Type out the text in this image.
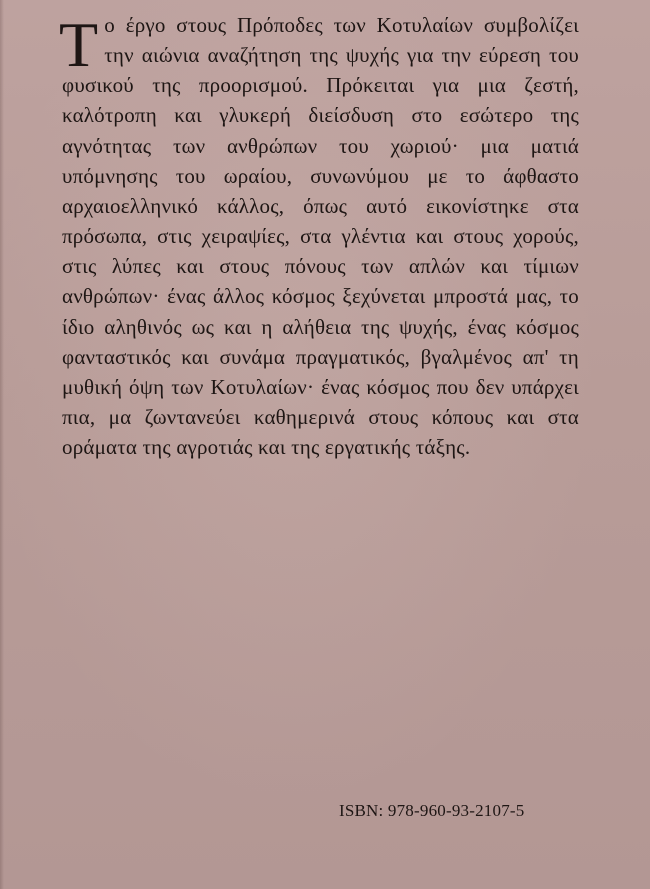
Το έργο στους Πρόποδες των Κοτυλαίων συμβολίζει την αιώνια αναζήτηση της ψυχής για την εύρεση του φυσικού της προορισμού. Πρόκειται για μια ζεστή, καλότροπη και γλυκερή διείσδυση στο εσώτερο της αγνότητας των ανθρώπων του χωριού· μια ματιά υπόμνησης του ωραίου, συνωνύμου με το άφθαστο αρχαιοελληνικό κάλλος, όπως αυτό εικονίστηκε στα πρόσωπα, στις χειραψίες, στα γλέντια και στους χορούς, στις λύπες και στους πόνους των απλών και τίμιων ανθρώπων· ένας άλλος κόσμος ξεχύνεται μπροστά μας, το ίδιο αληθινός ως και η αλήθεια της ψυχής, ένας κόσμος φανταστικός και συνάμα πραγματικός, βγαλμένος απ' τη μυθική όψη των Κοτυλαίων· ένας κόσμος που δεν υπάρχει πια, μα ζωντανεύει καθημερινά στους κόπους και στα οράματα της αγροτιάς και της εργατικής τάξης.
ISBN: 978-960-93-2107-5
